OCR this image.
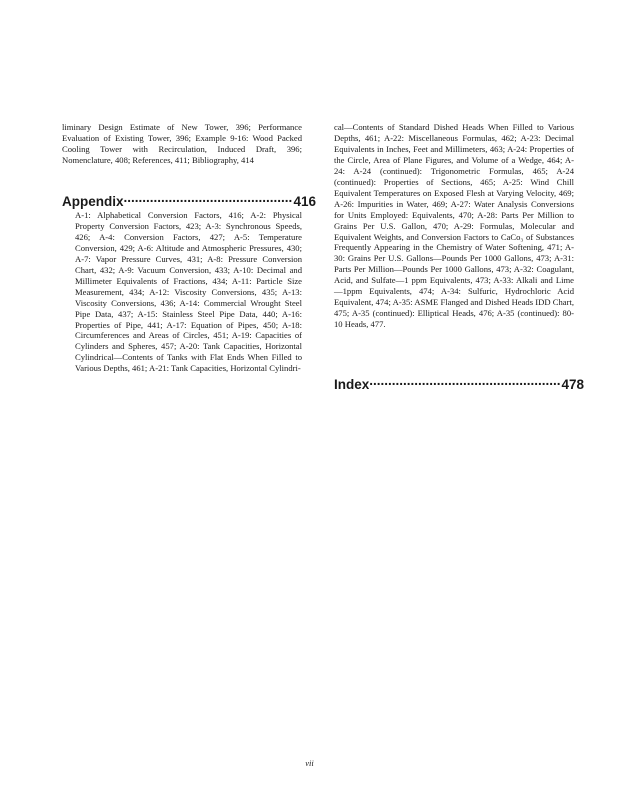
liminary Design Estimate of New Tower, 396; Performance Evaluation of Existing Tower, 396; Example 9-16: Wood Packed Cooling Tower with Recirculation, Induced Draft, 396; Nomenclature, 408; References, 411; Bibliography, 414

Appendix .....	416

A-1: Alphabetical Conversion Factors, 416; A-2: Physical Property Conversion Factors, 423; A-3: Synchronous Speeds, 426; A-4: Conversion Factors, 427; A-5: Temperature Conversion, 429; A-6: Altitude and Atmospheric Pressures, 430; A-7: Vapor Pressure Curves, 431; A-8: Pressure Conversion Chart, 432; A-9: Vacuum Conversion, 433; A-10: Decimal and Millimeter Equivalents of Fractions, 434; A-11: Particle Size Measurement, 434; A-12: Viscosity Conversions, 435; A-13: Viscosity Conversions, 436; A-14: Commercial Wrought Steel Pipe Data, 437; A-15: Stainless Steel Pipe Data, 440; A-16: Properties of Pipe, 441; A-17: Equation of Pipes, 450; A-18: Circumferences and Areas of Circles, 451; A-19: Capacities of Cylinders and Spheres, 457; A-20: Tank Capacities, Horizontal Cylindrical—Contents of Tanks with Flat Ends When Filled to Various Depths, 461; A-21: Tank Capacities, Horizontal Cylindri-

cal—Contents of Standard Dished Heads When Filled to Various Depths, 461; A-22: Miscellaneous Formulas, 462; A-23: Decimal Equivalents in Inches, Feet and Millimeters, 463; A-24: Properties of the Circle, Area of Plane Figures, and Volume of a Wedge, 464; A-24: A-24 (continued): Trigonometric Formulas, 465; A-24 (continued): Properties of Sections, 465; A-25: Wind Chill Equivalent Temperatures on Exposed Flesh at Varying Velocity, 469; A-26: Impurities in Water, 469; A-27: Water Analysis Conversions for Units Employed: Equivalents, 470; A-28: Parts Per Million to Grains Per U.S. Gallon, 470; A-29: Formulas, Molecular and Equivalent Weights, and Conversion Factors to CaCo₃ of Substances Frequently Appearing in the Chemistry of Water Softening, 471; A-30: Grains Per U.S. Gallons—Pounds Per 1000 Gallons, 473; A-31: Parts Per Million—Pounds Per 1000 Gallons, 473; A-32: Coagulant, Acid, and Sulfate—1 ppm Equivalents, 473; A-33: Alkali and Lime—1ppm Equivalents, 474; A-34: Sulfuric, Hydrochloric Acid Equivalent, 474; A-35: ASME Flanged and Dished Heads IDD Chart, 475; A-35 (continued): Elliptical Heads, 476; A-35 (continued): 80-10 Heads, 477.

Index .....	478
vii
